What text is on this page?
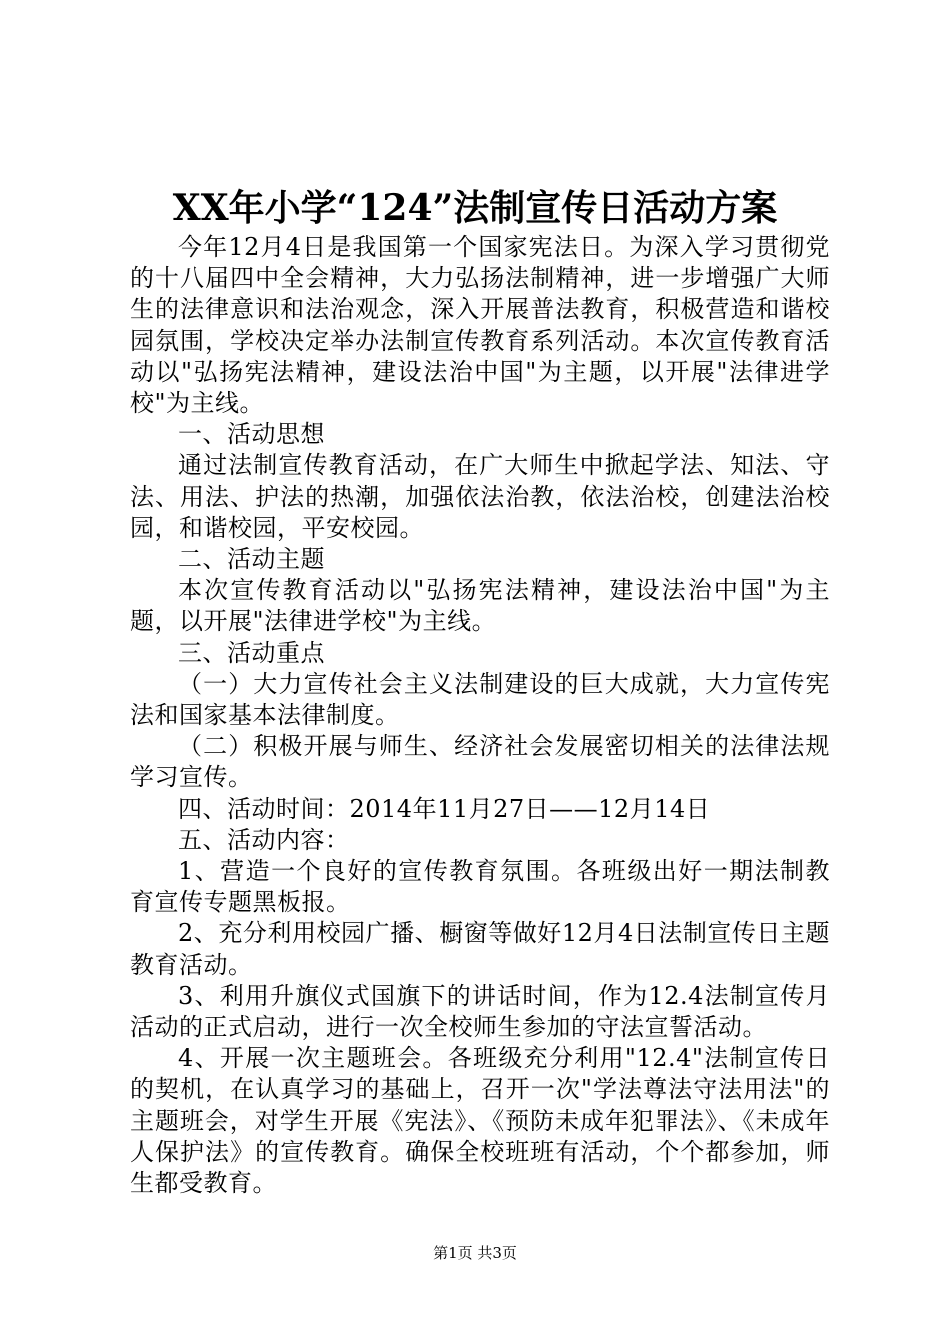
XX年小学“124”法制宣传日活动方案

今年12月4日是我国第一个国家宪法日。为深入学习贯彻党的十八届四中全会精神，大力弘扬法制精神，进一步增强广大师生的法律意识和法治观念，深入开展普法教育，积极营造和谐校园氛围，学校决定举办法制宣传教育系列活动。本次宣传教育活动以"弘扬宪法精神，建设法治中国"为主题，以开展"法律进学校"为主线。

一、活动思想

通过法制宣传教育活动，在广大师生中掀起学法、知法、守法、用法、护法的热潮，加强依法治教，依法治校，创建法治校园，和谐校园，平安校园。

二、活动主题

本次宣传教育活动以"弘扬宪法精神，建设法治中国"为主题，以开展"法律进学校"为主线。

三、活动重点

（一）大力宣传社会主义法制建设的巨大成就，大力宣传宪法和国家基本法律制度。

（二）积极开展与师生、经济社会发展密切相关的法律法规学习宣传。

四、活动时间：2014年11月27日——12月14日

五、活动内容：

1、营造一个良好的宣传教育氛围。各班级出好一期法制教育宣传专题黑板报。

2、充分利用校园广播、橱窗等做好12月4日法制宣传日主题教育活动。

3、利用升旗仪式国旗下的讲话时间，作为12.4法制宣传月活动的正式启动，进行一次全校师生参加的守法宣誓活动。

4、开展一次主题班会。各班级充分利用"12.4"法制宣传日的契机，在认真学习的基础上，召开一次"学法尊法守法用法"的主题班会，对学生开展《宪法》、《预防未成年犯罪法》、《未成年人保护法》的宣传教育。确保全校班班有活动，个个都参加，师生都受教育。

第1页 共3页
